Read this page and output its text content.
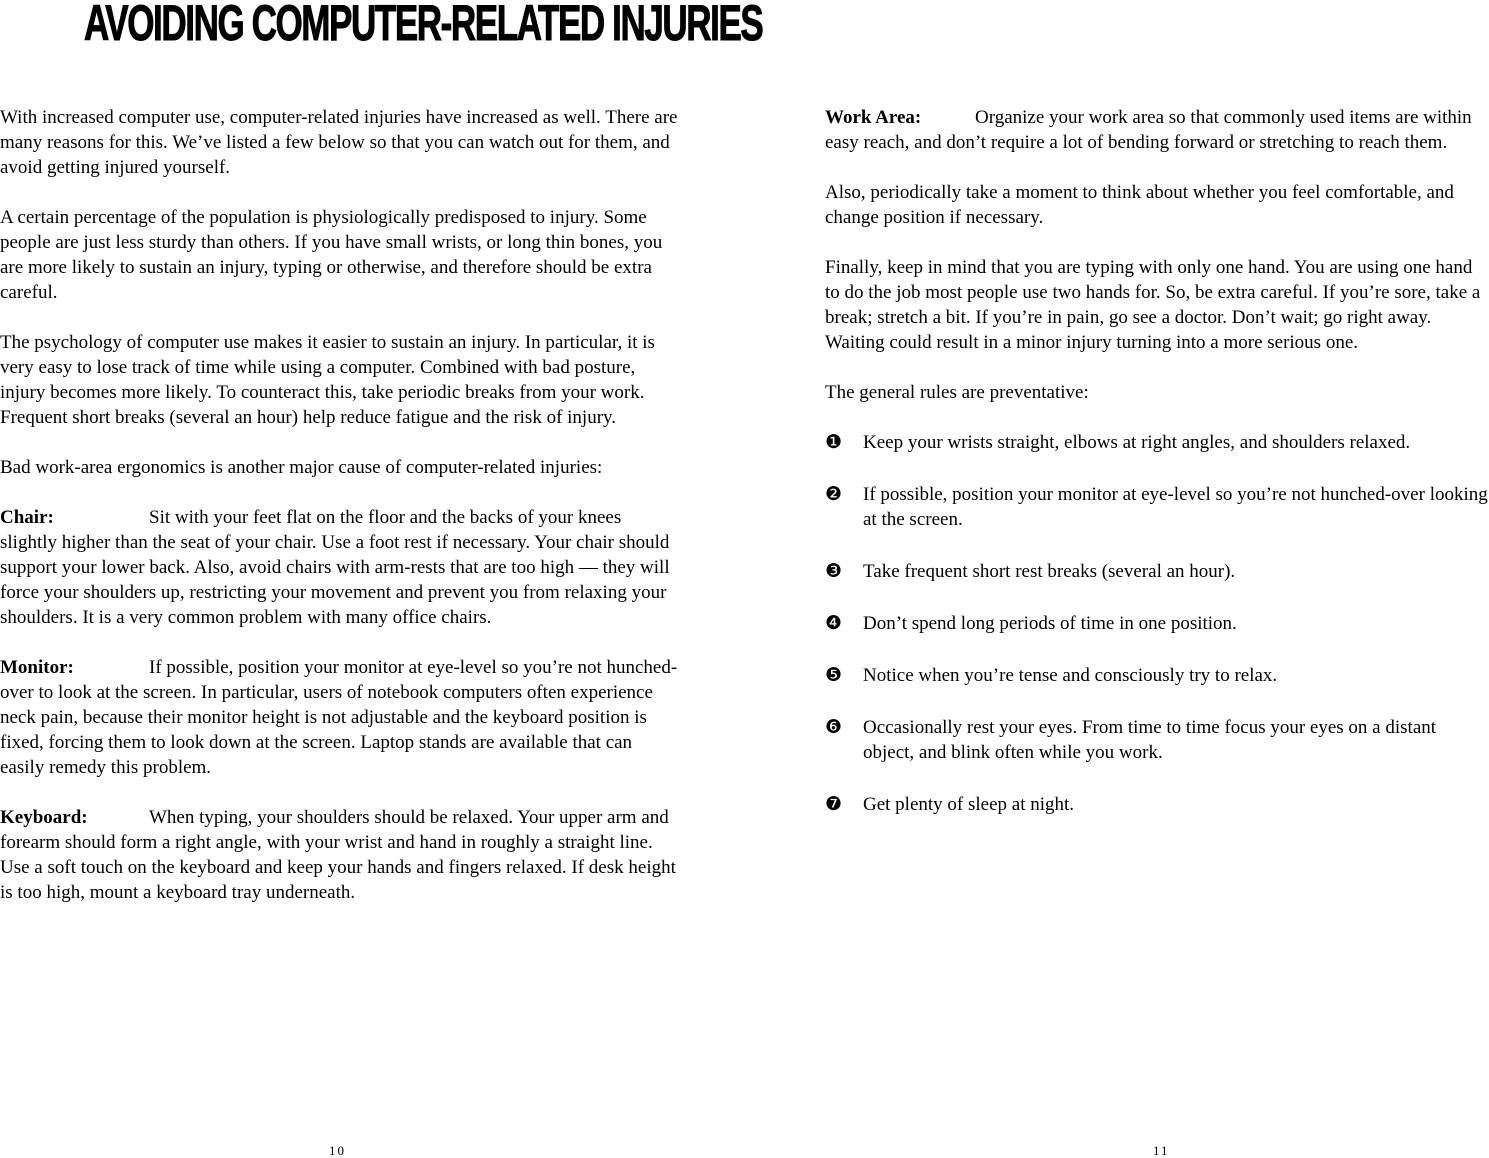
AVOIDING COMPUTER-RELATED INJURIES

With increased computer use, computer-related injuries have increased as well. There are many reasons for this. We’ve listed a few below so that you can watch out for them, and avoid getting injured yourself.

A certain percentage of the population is physiologically predisposed to injury. Some people are just less sturdy than others. If you have small wrists, or long thin bones, you are more likely to sustain an injury, typing or otherwise, and therefore should be extra careful.

The psychology of computer use makes it easier to sustain an injury. In particular, it is very easy to lose track of time while using a computer. Combined with bad posture, injury becomes more likely. To counteract this, take periodic breaks from your work. Frequent short breaks (several an hour) help reduce fatigue and the risk of injury.

Bad work-area ergonomics is another major cause of computer-related injuries:

Chair:	Sit with your feet flat on the floor and the backs of your knees slightly higher than the seat of your chair. Use a foot rest if necessary. Your chair should support your lower back. Also, avoid chairs with arm-rests that are too high — they will force your shoulders up, restricting your movement and prevent you from relaxing your shoulders. It is a very common problem with many office chairs.

Monitor:	If possible, position your monitor at eye-level so you’re not hunched-over to look at the screen. In particular, users of notebook computers often experience neck pain, because their monitor height is not adjustable and the keyboard position is fixed, forcing them to look down at the screen. Laptop stands are available that can easily remedy this problem.

Keyboard:	When typing, your shoulders should be relaxed. Your upper arm and forearm should form a right angle, with your wrist and hand in roughly a straight line. Use a soft touch on the keyboard and keep your hands and fingers relaxed. If desk height is too high, mount a keyboard tray underneath.

Work Area:	Organize your work area so that commonly used items are within easy reach, and don’t require a lot of bending forward or stretching to reach them.

Also, periodically take a moment to think about whether you feel comfortable, and change position if necessary.

Finally, keep in mind that you are typing with only one hand. You are using one hand to do the job most people use two hands for. So, be extra careful. If you’re sore, take a break; stretch a bit. If you’re in pain, go see a doctor. Don’t wait; go right away. Waiting could result in a minor injury turning into a more serious one.

The general rules are preventative:

❶ Keep your wrists straight, elbows at right angles, and shoulders relaxed.
❷ If possible, position your monitor at eye-level so you’re not hunched-over looking at the screen.
❸ Take frequent short rest breaks (several an hour).
❹ Don’t spend long periods of time in one position.
❺ Notice when you’re tense and consciously try to relax.
❻ Occasionally rest your eyes. From time to time focus your eyes on a distant object, and blink often while you work.
❼ Get plenty of sleep at night.
10	11
